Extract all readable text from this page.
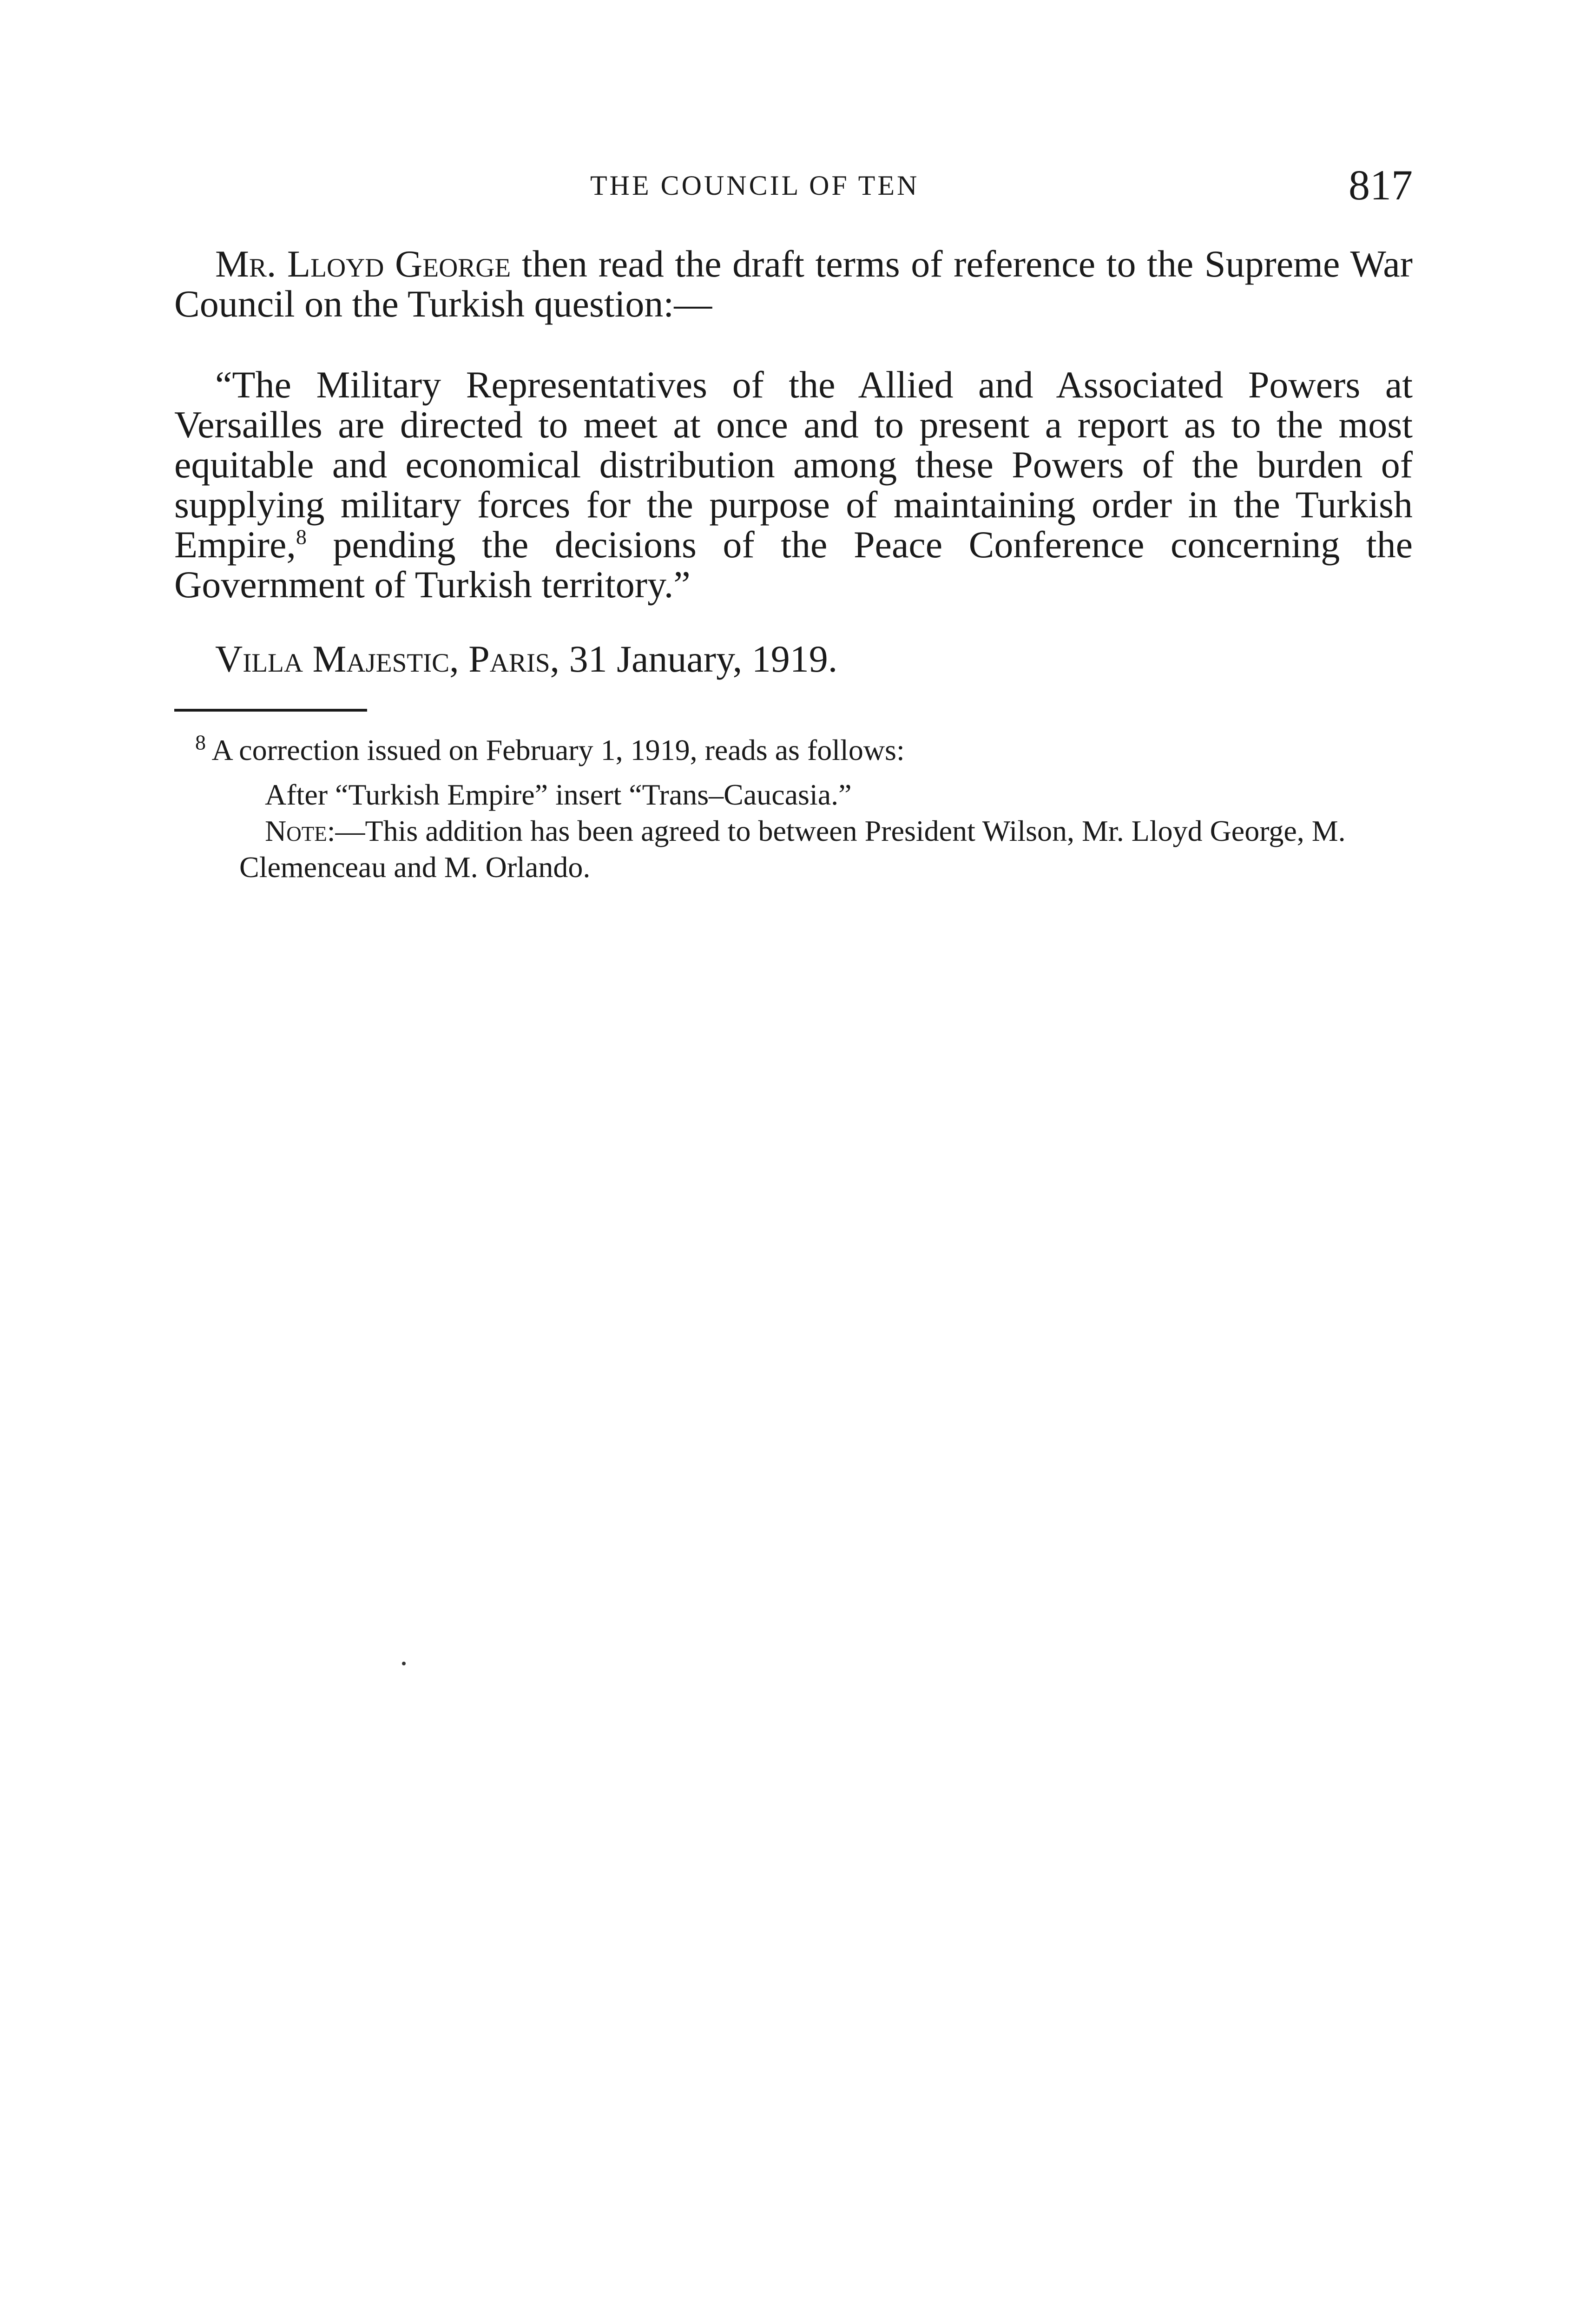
THE COUNCIL OF TEN	817

Mr. Lloyd George then read the draft terms of reference to the Supreme War Council on the Turkish question:—

“The Military Representatives of the Allied and Associated Powers at Versailles are directed to meet at once and to present a report as to the most equitable and economical distribution among these Powers of the burden of supplying military forces for the purpose of maintaining order in the Turkish Empire,$^8$ pending the decisions of the Peace Conference concerning the Government of Turkish territory.”

Villa Majestic, Paris, 31 January, 1919.

$^8$ A correction issued on February 1, 1919, reads as follows:

After “Turkish Empire” insert “Trans–Caucasia.”

Note:—This addition has been agreed to between President Wilson, Mr. Lloyd George, M. Clemenceau and M. Orlando.
